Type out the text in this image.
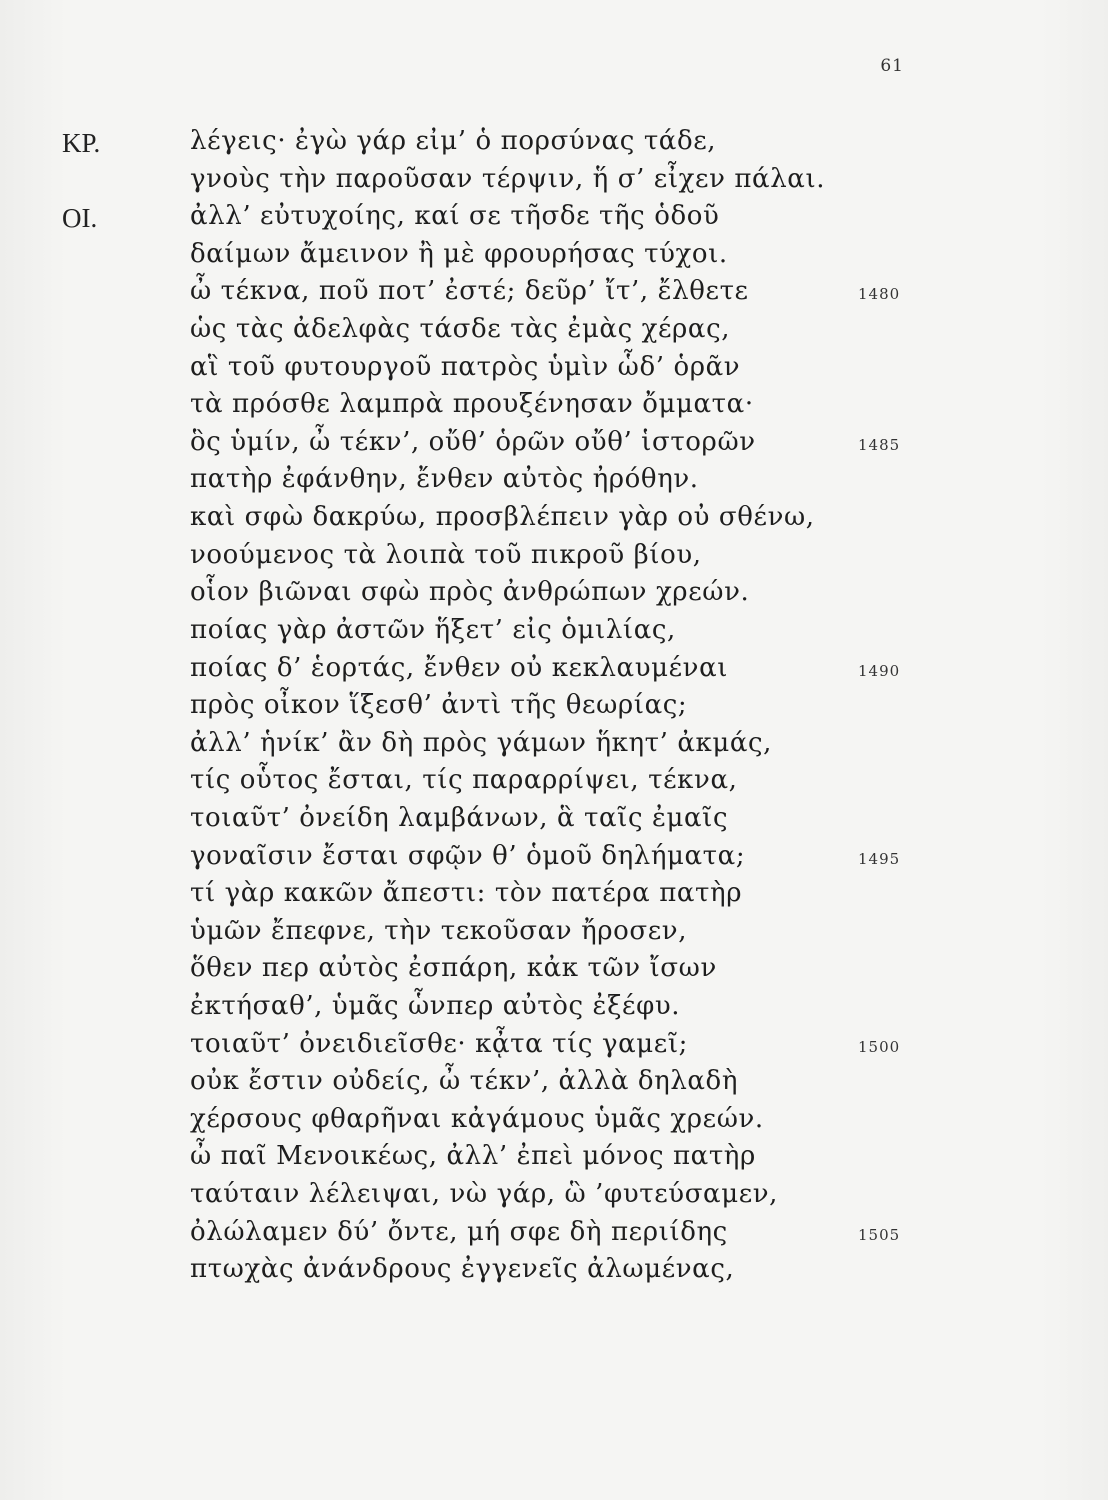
61
ΚΡ.	λέγεις· ἐγὼ γάρ εἰμ’ ὁ πορσύνας τάδε,
γνοὺς τὴν παροῦσαν τέρψιν, ἥ σ’ εἶχεν πάλαι.
ΟΙ.	ἀλλ’ εὐτυχοίης, καί σε τῆσδε τῆς ὁδοῦ
δαίμων ἄμεινον ἢ μὲ φρουρήσας τύχοι.
ὦ τέκνα, ποῦ ποτ’ ἐστέ; δεῦρ’ ἴτ’, ἔλθετε	1480
ὡς τὰς ἀδελφὰς τάσδε τὰς ἐμὰς χέρας,
αἳ τοῦ φυτουργοῦ πατρὸς ὑμὶν ὧδ’ ὁρᾶν
τὰ πρόσθε λαμπρὰ προυξένησαν ὄμματα·
ὃς ὑμίν, ὦ τέκν’, οὔθ’ ὁρῶν οὔθ’ ἱστορῶν	1485
πατὴρ ἐφάνθην, ἔνθεν αὐτὸς ἠρόθην.
καὶ σφὼ δακρύω, προσβλέπειν γὰρ οὐ σθένω,
νοούμενος τὰ λοιπὰ τοῦ πικροῦ βίου,
οἷον βιῶναι σφὼ πρὸς ἀνθρώπων χρεών.
ποίας γὰρ ἀστῶν ἥξετ’ εἰς ὁμιλίας,
ποίας δ’ ἑορτάς, ἔνθεν οὐ κεκλαυμέναι	1490
πρὸς οἶκον ἵξεσθ’ ἀντὶ τῆς θεωρίας;
ἀλλ’ ἡνίκ’ ἂν δὴ πρὸς γάμων ἥκητ’ ἀκμάς,
τίς οὗτος ἔσται, τίς παραρρίψει, τέκνα,
τοιαῦτ’ ὀνείδη λαμβάνων, ἃ ταῖς ἐμαῖς
γοναῖσιν ἔσται σφῷν θ’ ὁμοῦ δηλήματα;	1495
τί γὰρ κακῶν ἄπεστι: τὸν πατέρα πατὴρ
ὑμῶν ἔπεφνε, τὴν τεκοῦσαν ἤροσεν,
ὅθεν περ αὐτὸς ἐσπάρη, κἀκ τῶν ἴσων
ἐκτήσαθ’, ὑμᾶς ὧνπερ αὐτὸς ἐξέφυ.
τοιαῦτ’ ὀνειδιεῖσθε· κᾆτα τίς γαμεῖ;	1500
οὐκ ἔστιν οὐδείς, ὦ τέκν’, ἀλλὰ δηλαδὴ
χέρσους φθαρῆναι κἀγάμους ὑμᾶς χρεών.
ὦ παῖ Μενοικέως, ἀλλ’ ἐπεὶ μόνος πατὴρ
ταύταιν λέλειψαι, νὼ γάρ, ὣ ’φυτεύσαμεν,
ὀλώλαμεν δύ’ ὄντε, μή σφε δὴ περιίδης	1505
πτωχὰς ἀνάνδρους ἐγγενεῖς ἀλωμένας,
